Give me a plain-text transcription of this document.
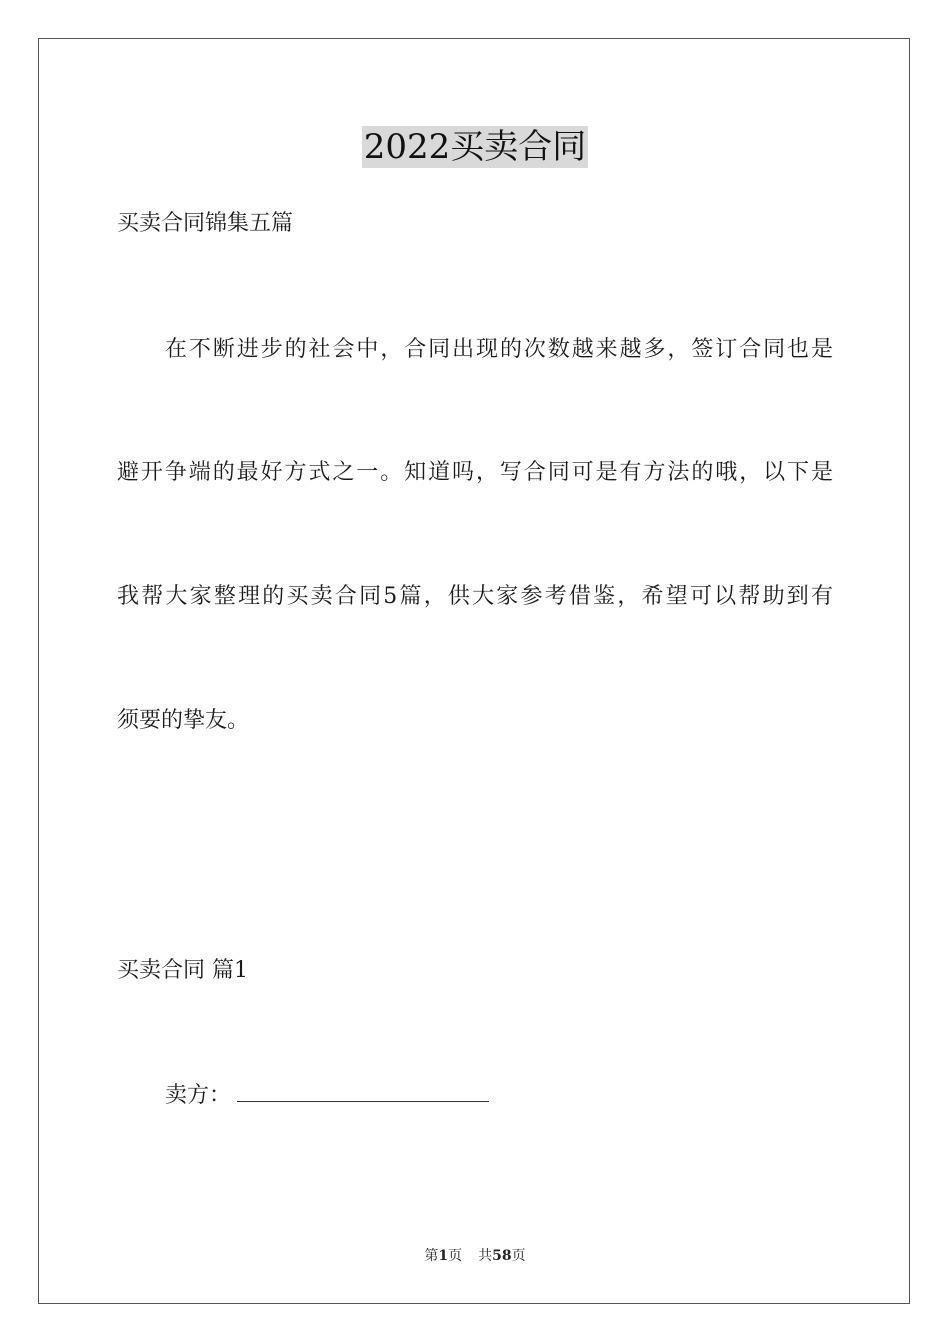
2022买卖合同
买卖合同锦集五篇
在不断进步的社会中，合同出现的次数越来越多，签订合同也是
避开争端的最好方式之一。知道吗，写合同可是有方法的哦，以下是
我帮大家整理的买卖合同5篇，供大家参考借鉴，希望可以帮助到有
须要的挚友。
买卖合同 篇1
卖方：
第1页 共58页
